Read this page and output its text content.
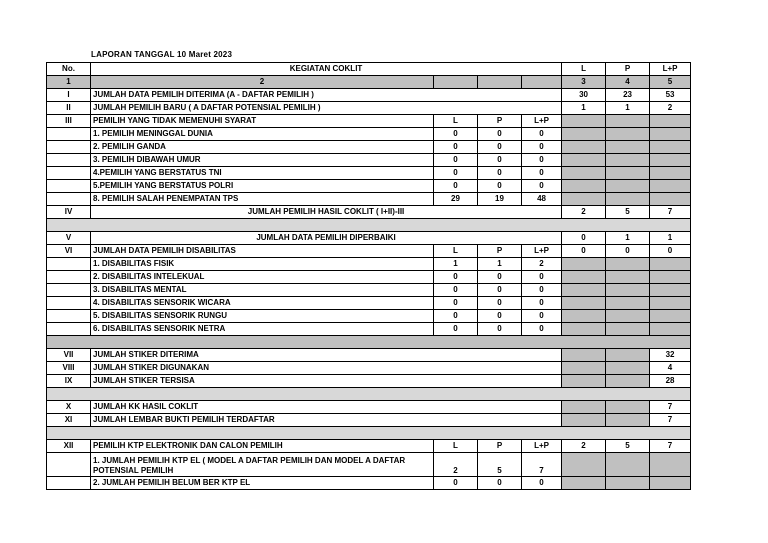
LAPORAN TANGGAL 10 Maret 2023
No.	KEGIATAN COKLIT				L	P	L+P
1	2				3	4	5
I	JUMLAH DATA PEMILIH DITERIMA (A - DAFTAR PEMILIH )				30	23	53
II	JUMLAH PEMILIH BARU ( A DAFTAR POTENSIAL PEMILIH )				1	1	2
III	PEMILIH YANG TIDAK MEMENUHI SYARAT	L	P	L+P			
	1. PEMILIH MENINGGAL DUNIA	0	0	0			
	2. PEMILIH GANDA	0	0	0			
	3. PEMILIH DIBAWAH UMUR	0	0	0			
	4.PEMILIH YANG BERSTATUS TNI	0	0	0			
	5.PEMILIH YANG BERSTATUS POLRI	0	0	0			
	8. PEMILIH SALAH PENEMPATAN TPS	29	19	48			
IV	JUMLAH PEMILIH HASIL COKLIT ( I+II)-III				2	5	7

V	JUMLAH DATA PEMILIH DIPERBAIKI				0	1	1
VI	JUMLAH DATA PEMILIH DISABILITAS	L	P	L+P	0	0	0
	1. DISABILITAS FISIK	1	1	2			
	2. DISABILITAS INTELEKUAL	0	0	0			
	3. DISABILITAS MENTAL	0	0	0			
	4. DISABILITAS SENSORIK WICARA	0	0	0			
	5. DISABILITAS SENSORIK RUNGU	0	0	0			
	6. DISABILITAS SENSORIK NETRA	0	0	0			

VII	JUMLAH STIKER DITERIMA						32
VIII	JUMLAH STIKER DIGUNAKAN						4
IX	JUMLAH STIKER TERSISA						28

X	JUMLAH KK HASIL COKLIT						7
XI	JUMLAH LEMBAR BUKTI PEMILIH TERDAFTAR						7

XII	PEMILIH KTP ELEKTRONIK DAN CALON PEMILIH	L	P	L+P	2	5	7
	1. JUMLAH PEMILIH KTP EL ( MODEL A DAFTAR PEMILIH DAN MODEL A DAFTAR POTENSIAL PEMILIH	2	5	7			
	2. JUMLAH PEMILIH BELUM BER KTP EL	0	0	0			
